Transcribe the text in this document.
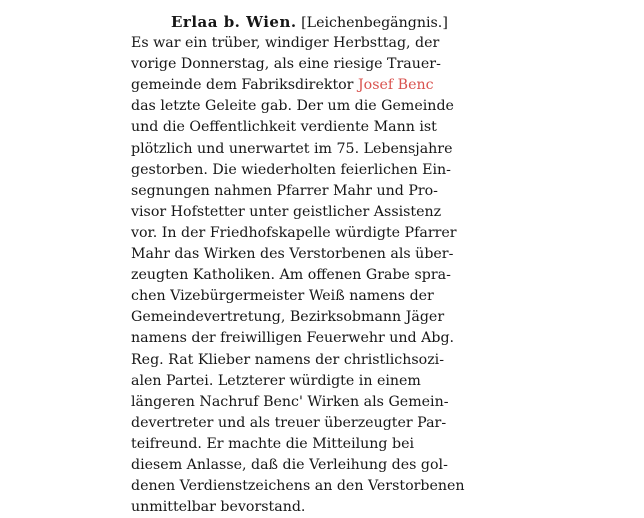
Erlaa b. Wien. [Leichenbegängnis.]
Es war ein trüber, windiger Herbsttag, der
vorige Donnerstag, als eine riesige Trauer-
gemeinde dem Fabriksdirektor Josef Benc
das letzte Geleite gab. Der um die Gemeinde
und die Oeffentlichkeit verdiente Mann ist
plötzlich und unerwartet im 75. Lebensjahre
gestorben. Die wiederholten feierlichen Ein-
segnungen nahmen Pfarrer Mahr und Pro-
visor Hofstetter unter geistlicher Assistenz
vor. In der Friedhofskapelle würdigte Pfarrer
Mahr das Wirken des Verstorbenen als über-
zeugten Katholiken. Am offenen Grabe spra-
chen Vizebürgermeister Weiß namens der
Gemeindevertretung, Bezirksobmann Jäger
namens der freiwilligen Feuerwehr und Abg.
Reg. Rat Klieber namens der christlichsozi-
alen Partei. Letzterer würdigte in einem
längeren Nachruf Benc' Wirken als Gemein-
devertreter und als treuer überzeugter Par-
teifreund. Er machte die Mitteilung bei
diesem Anlasse, daß die Verleihung des gol-
denen Verdienstzeichens an den Verstorbenen
unmittelbar bevorstand.
